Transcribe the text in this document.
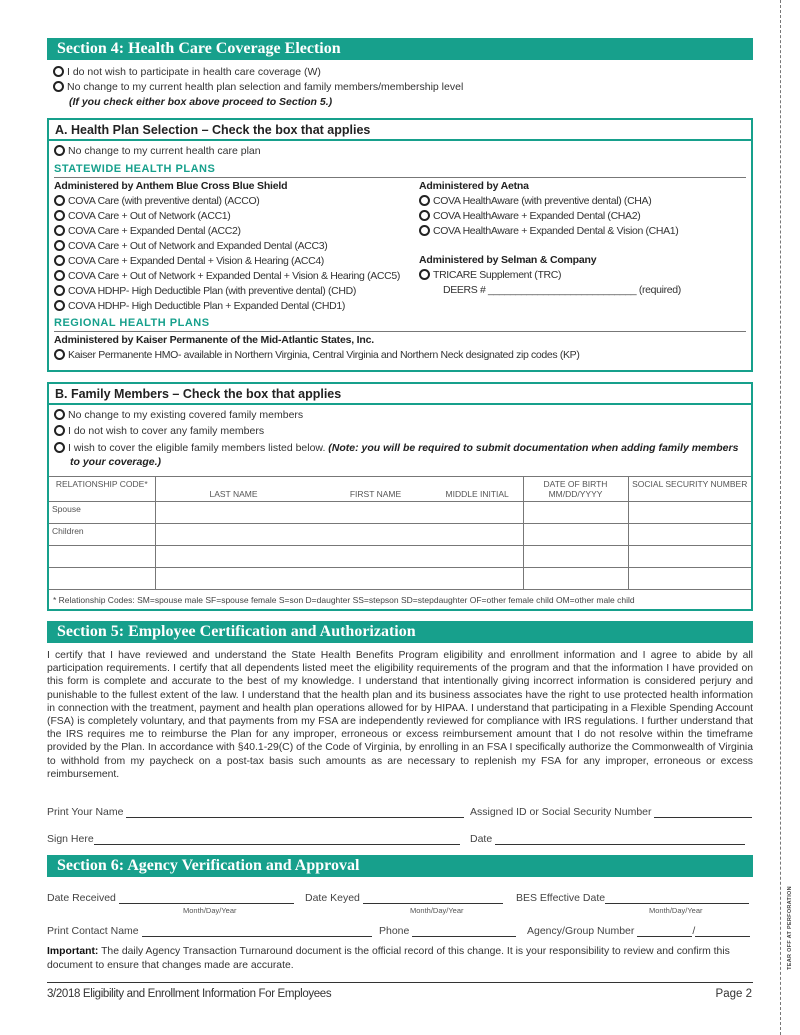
Section 4: Health Care Coverage Election
I do not wish to participate in health care coverage (W)
No change to my current health plan selection and family members/membership level
(If you check either box above proceed to Section 5.)
A. Health Plan Selection – Check the box that applies
No change to my current health care plan
STATEWIDE HEALTH PLANS
Administered by Anthem Blue Cross Blue Shield
COVA Care (with preventive dental) (ACCO)
COVA Care + Out of Network (ACC1)
COVA Care + Expanded Dental (ACC2)
COVA Care + Out of Network and Expanded Dental (ACC3)
COVA Care + Expanded Dental + Vision & Hearing (ACC4)
COVA Care + Out of Network + Expanded Dental + Vision & Hearing (ACC5)
COVA HDHP- High Deductible Plan (with preventive dental) (CHD)
COVA HDHP- High Deductible Plan + Expanded Dental (CHD1)
Administered by Aetna
COVA HealthAware (with preventive dental) (CHA)
COVA HealthAware + Expanded Dental (CHA2)
COVA HealthAware + Expanded Dental & Vision (CHA1)
Administered by Selman & Company
TRICARE Supplement (TRC)
DEERS # ___________________________ (required)
REGIONAL HEALTH PLANS
Administered by Kaiser Permanente of the Mid-Atlantic States, Inc.
Kaiser Permanente HMO- available in Northern Virginia, Central Virginia and Northern Neck designated zip codes (KP)
B. Family Members – Check the box that applies
No change to my existing covered family members
I do not wish to cover any family members
I wish to cover the eligible family members listed below. (Note: you will be required to submit documentation when adding family members to your coverage.)
RELATIONSHIP CODE*	LAST NAME FIRST NAME MIDDLE INITIAL	DATE OF BIRTH MM/DD/YYYY	SOCIAL SECURITY NUMBER
Spouse			
Children			

* Relationship Codes: SM=spouse male SF=spouse female S=son D=daughter SS=stepson SD=stepdaughter OF=other female child OM=other male child
Section 5: Employee Certification and Authorization
I certify that I have reviewed and understand the State Health Benefits Program eligibility and enrollment information and I agree to abide by all participation requirements. I certify that all dependents listed meet the eligibility requirements of the program and that the information I have provided on this form is complete and accurate to the best of my knowledge. I understand that intentionally giving incorrect information is considered perjury and punishable to the fullest extent of the law. I understand that the health plan and its business associates have the right to use protected health information in connection with the treatment, payment and health plan operations allowed for by HIPAA. I understand that participating in a Flexible Spending Account (FSA) is completely voluntary, and that payments from my FSA are independently reviewed for compliance with IRS regulations. I further understand that the IRS requires me to reimburse the Plan for any improper, erroneous or excess reimbursement amount that I do not resolve within the timeframe provided by the Plan. In accordance with §40.1-29(C) of the Code of Virginia, by enrolling in an FSA I specifically authorize the Commonwealth of Virginia to withhold from my paycheck on a post-tax basis such amounts as are necessary to replenish my FSA for any improper, erroneous or excess reimbursement.
Print Your Name	Assigned ID or Social Security Number
Sign Here	Date
Section 6: Agency Verification and Approval
Date Received
Month/Day/Year
Date Keyed
Month/Day/Year
BES Effective Date
Month/Day/Year
Print Contact Name	Phone	Agency/Group Number	/
Important: The daily Agency Transaction Turnaround document is the official record of this change. It is your responsibility to review and confirm this document to ensure that changes made are accurate.
3/2018 Eligibility and Enrollment Information For Employees	Page 2
TEAR OFF AT PERFORATION
